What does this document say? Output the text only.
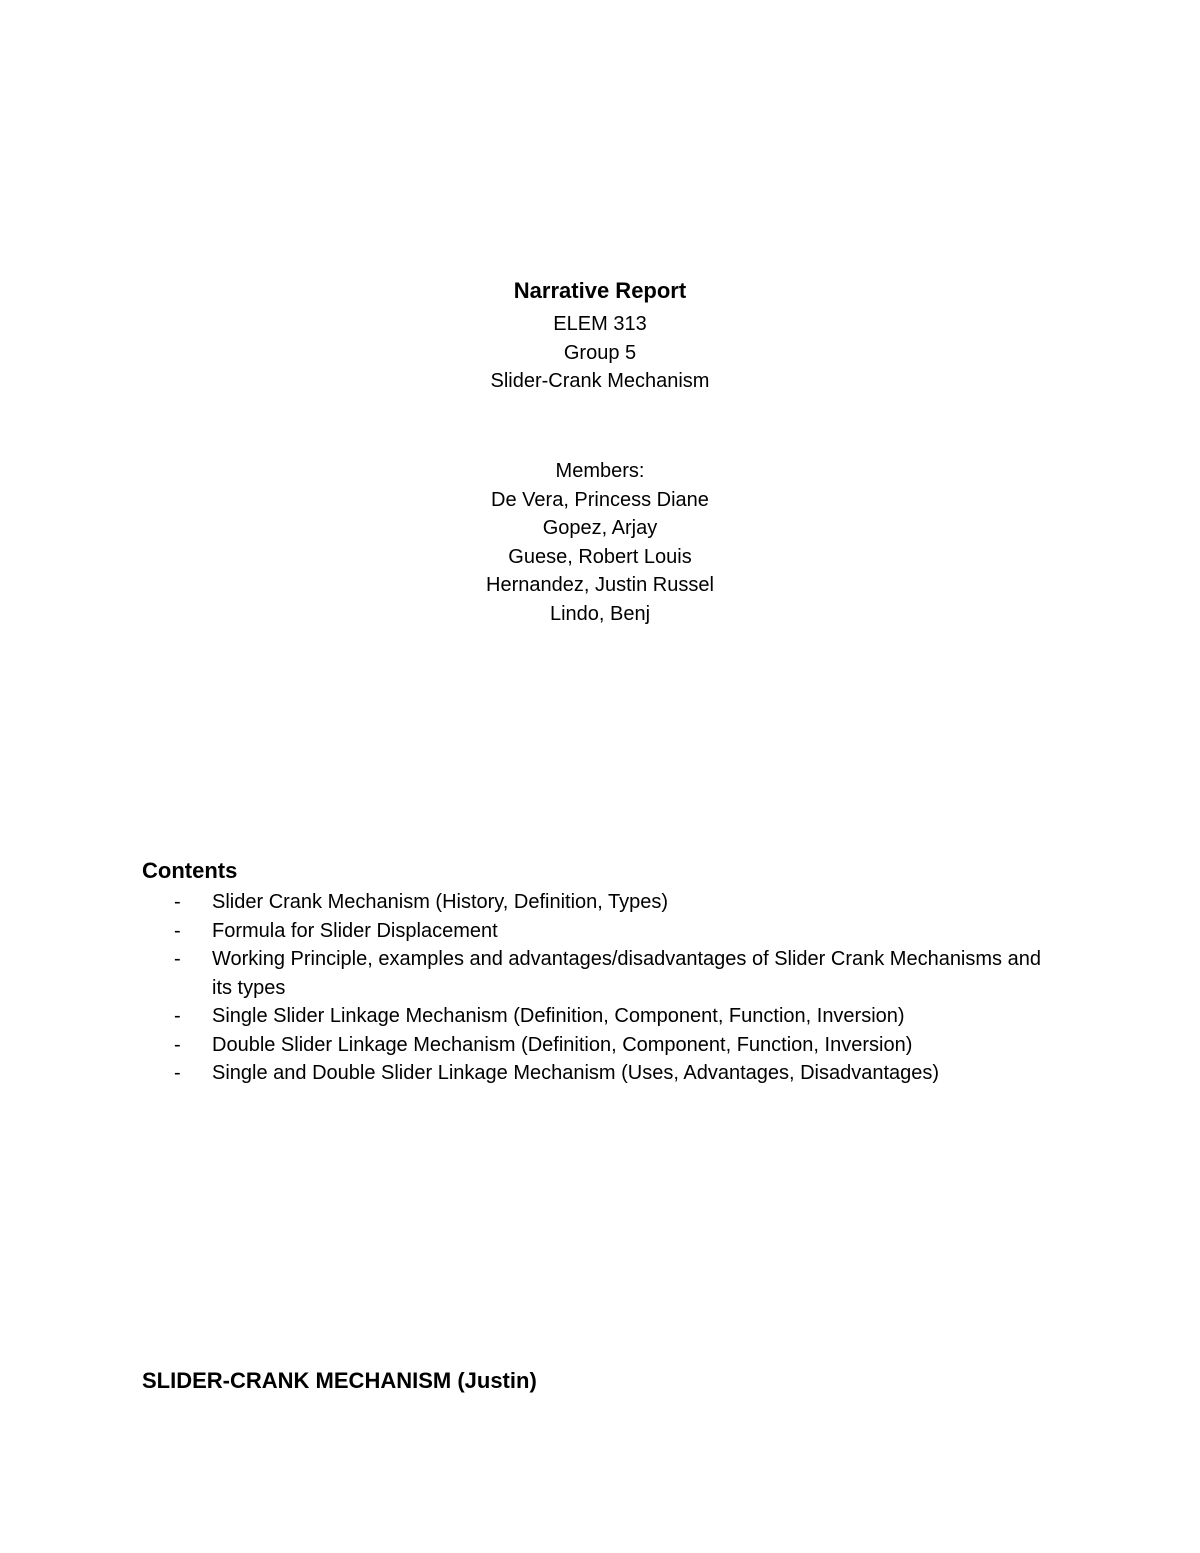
Narrative Report

ELEM 313

Group 5

Slider-Crank Mechanism

Members:

De Vera, Princess Diane

Gopez, Arjay

Guese, Robert Louis

Hernandez, Justin Russel

Lindo, Benj

Contents

- Slider Crank Mechanism (History, Definition, Types)
- Formula for Slider Displacement
- Working Principle, examples and advantages/disadvantages of Slider Crank Mechanisms and its types
- Single Slider Linkage Mechanism (Definition, Component, Function, Inversion)
- Double Slider Linkage Mechanism (Definition, Component, Function, Inversion)
- Single and Double Slider Linkage Mechanism (Uses, Advantages, Disadvantages)

SLIDER-CRANK MECHANISM (Justin)
